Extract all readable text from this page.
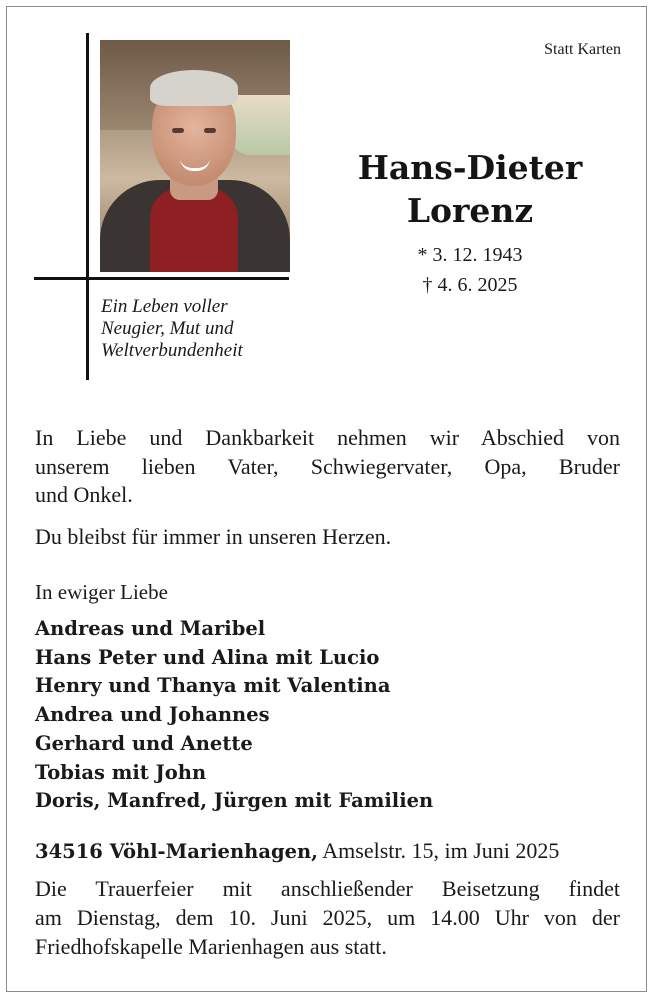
Statt Karten
Ein Leben voller
Neugier, Mut und
Weltverbundenheit
Hans-Dieter
Lorenz
* 3. 12. 1943
† 4. 6. 2025
In Liebe und Dankbarkeit nehmen wir Abschied von
unserem lieben Vater, Schwiegervater, Opa, Bruder
und Onkel.
Du bleibst für immer in unseren Herzen.
In ewiger Liebe
Andreas und Maribel
Hans Peter und Alina mit Lucio
Henry und Thanya mit Valentina
Andrea und Johannes
Gerhard und Anette
Tobias mit John
Doris, Manfred, Jürgen mit Familien
34516 Vöhl-Marienhagen, Amselstr. 15, im Juni 2025
Die Trauerfeier mit anschließender Beisetzung findet
am Dienstag, dem 10. Juni 2025, um 14.00 Uhr von der
Friedhofskapelle Marienhagen aus statt.
